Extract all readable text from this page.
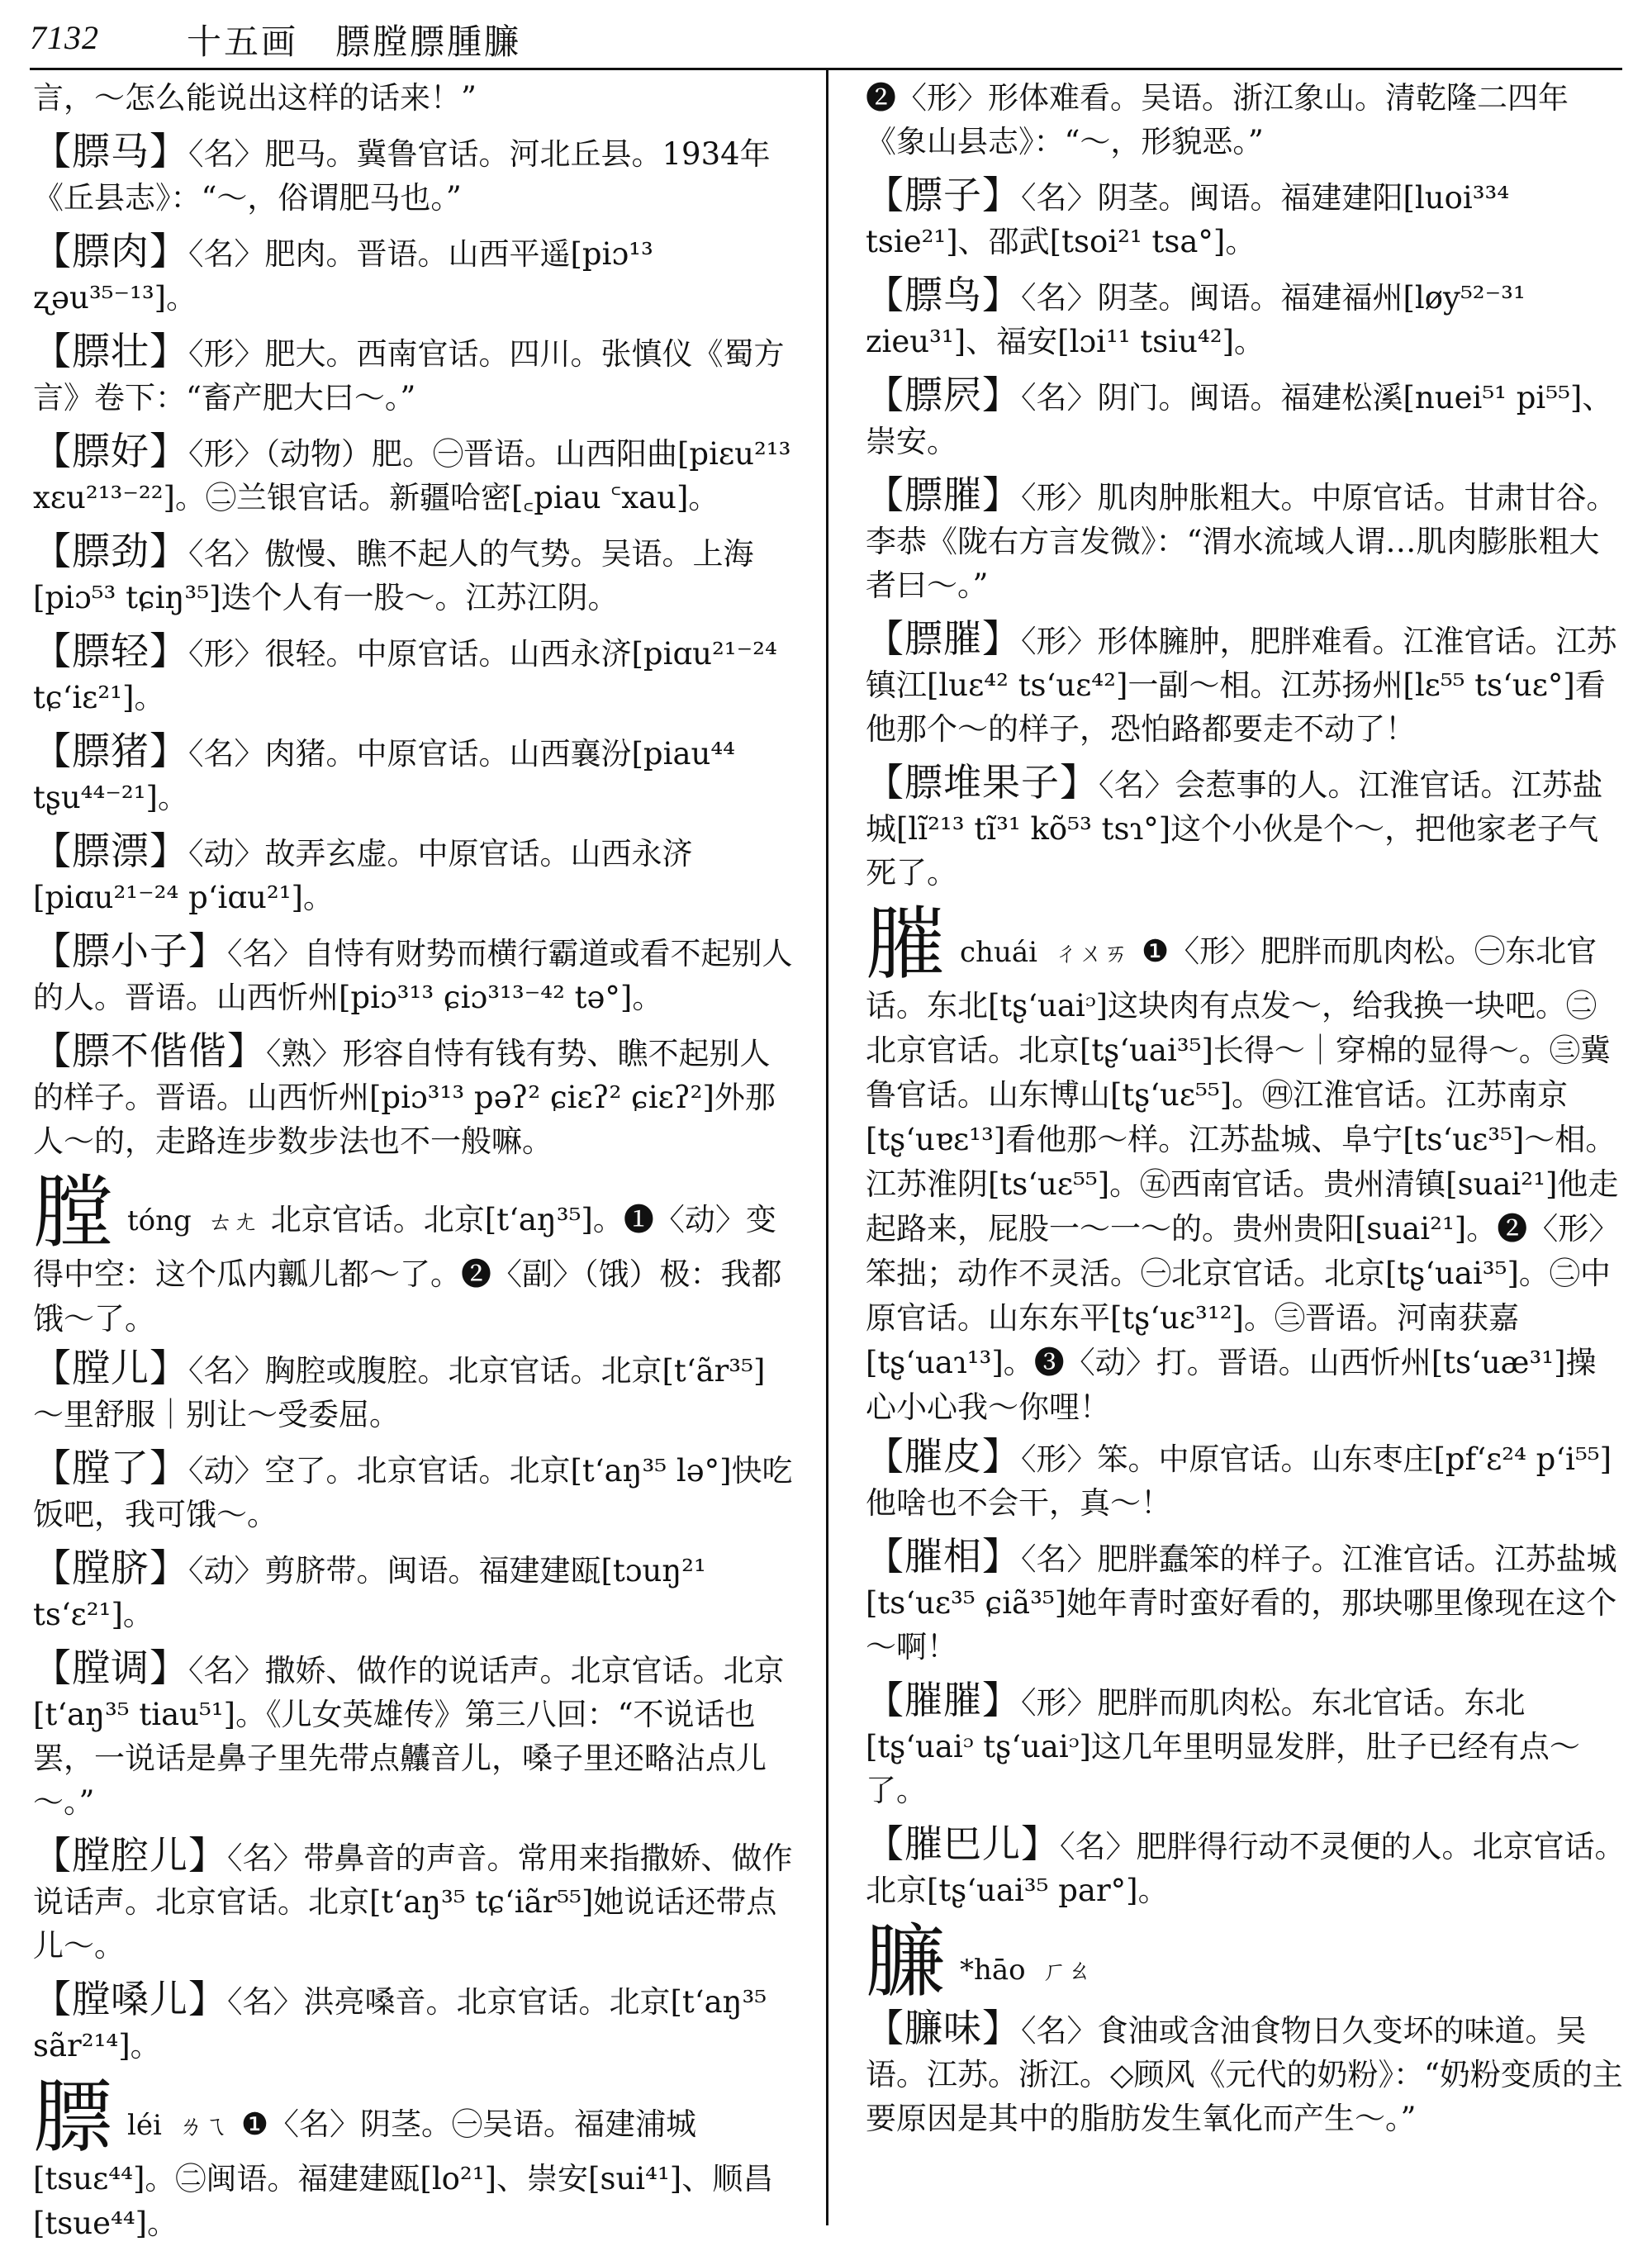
7132	十五画　膘膛膘腫臁
言，～怎么能说出这样的话来！”
【膘马】〈名〉肥马。冀鲁官话。河北丘县。1934年《丘县志》：“～，俗谓肥马也。”
【膘肉】〈名〉肥肉。晋语。山西平遥[piɔ¹³ ʐəu³⁵⁻¹³]。
【膘壮】〈形〉肥大。西南官话。四川。张慎仪《蜀方言》卷下：“畜产肥大曰～。”
【膘好】〈形〉（动物）肥。㊀晋语。山西阳曲[piɛu²¹³ xɛu²¹³⁻²²]。㊁兰银官话。新疆哈密[꜀piau ꜂xau]。
【膘劲】〈名〉傲慢、瞧不起人的气势。吴语。上海[piɔ⁵³ tɕiŋ³⁵]迭个人有一股～。江苏江阴。
【膘轻】〈形〉很轻。中原官话。山西永济[piɑu²¹⁻²⁴ tɕʻiɛ²¹]。
【膘猪】〈名〉肉猪。中原官话。山西襄汾[piau⁴⁴ tʂu⁴⁴⁻²¹]。
【膘漂】〈动〉故弄玄虚。中原官话。山西永济[piɑu²¹⁻²⁴ pʻiɑu²¹]。
【膘小子】〈名〉自恃有财势而横行霸道或看不起别人的人。晋语。山西忻州[piɔ³¹³ ɕiɔ³¹³⁻⁴² tə°]。
【膘不偕偕】〈熟〉形容自恃有钱有势、瞧不起别人的样子。晋语。山西忻州[piɔ³¹³ pəʔ² ɕiɛʔ² ɕiɛʔ²]外那人～的，走路连步数步法也不一般嘛。
膛tóng ㄊㄤ 北京官话。北京[tʻaŋ³⁵]。❶〈动〉变得中空：这个瓜内瓤儿都～了。❷〈副〉（饿）极：我都饿～了。
【膛儿】〈名〉胸腔或腹腔。北京官话。北京[tʻãr³⁵]～里舒服｜别让～受委屈。
【膛了】〈动〉空了。北京官话。北京[tʻaŋ³⁵ lə°]快吃饭吧，我可饿～。
【膛脐】〈动〉剪脐带。闽语。福建建瓯[tɔuŋ²¹ tsʻɛ²¹]。
【膛调】〈名〉撒娇、做作的说话声。北京官话。北京[tʻaŋ³⁵ tiau⁵¹]。《儿女英雄传》第三八回：“不说话也罢，一说话是鼻子里先带点齉音儿，嗓子里还略沾点儿～。”
【膛腔儿】〈名〉带鼻音的声音。常用来指撒娇、做作说话声。北京官话。北京[tʻaŋ³⁵ tɕʻiãr⁵⁵]她说话还带点儿～。
【膛嗓儿】〈名〉洪亮嗓音。北京官话。北京[tʻaŋ³⁵ sãr²¹⁴]。
膘léi ㄌㄟ ❶〈名〉阴茎。㊀吴语。福建浦城[tsuɛ⁴⁴]。㊁闽语。福建建瓯[lo²¹]、崇安[sui⁴¹]、顺昌[tsue⁴⁴]。
❷〈形〉形体难看。吴语。浙江象山。清乾隆二四年《象山县志》：“～，形貌恶。”
【膘子】〈名〉阴茎。闽语。福建建阳[luoi³³⁴ tsie²¹]、邵武[tsoi²¹ tsa°]。
【膘鸟】〈名〉阴茎。闽语。福建福州[løy⁵²⁻³¹ zieu³¹]、福安[lɔi¹¹ tsiu⁴²]。
【膘屄】〈名〉阴门。闽语。福建松溪[nuei⁵¹ pi⁵⁵]、崇安。
【膘膗】〈形〉肌肉肿胀粗大。中原官话。甘肃甘谷。李恭《陇右方言发微》：“渭水流域人谓…肌肉膨胀粗大者曰～。”
【膘膗】〈形〉形体臃肿，肥胖难看。江淮官话。江苏镇江[luɛ⁴² tsʻuɛ⁴²]一副～相。江苏扬州[lɛ⁵⁵ tsʻuɛ°]看他那个～的样子，恐怕路都要走不动了！
【膘堆果子】〈名〉会惹事的人。江淮官话。江苏盐城[lĩ²¹³ tĩ³¹ kõ⁵³ tsɿ°]这个小伙是个～，把他家老子气死了。
膗chuái ㄔㄨㄞ ❶〈形〉肥胖而肌肉松。㊀东北官话。东北[tʂʻuaiᵓ]这块肉有点发～，给我换一块吧。㊁北京官话。北京[tʂʻuai³⁵]长得～｜穿棉的显得～。㊂冀鲁官话。山东博山[tʂʻuɛ⁵⁵]。㊃江淮官话。江苏南京[tʂʻuɐɛ¹³]看他那～样。江苏盐城、阜宁[tsʻuɛ³⁵]～相。江苏淮阴[tsʻuɛ⁵⁵]。㊄西南官话。贵州清镇[suai²¹]他走起路来，屁股一～一～的。贵州贵阳[suai²¹]。❷〈形〉笨拙；动作不灵活。㊀北京官话。北京[tʂʻuai³⁵]。㊁中原官话。山东东平[tʂʻuɛ³¹²]。㊂晋语。河南获嘉[tʂʻuaɿ¹³]。❸〈动〉打。晋语。山西忻州[tsʻuæ³¹]操心小心我～你哩！
【膗皮】〈形〉笨。中原官话。山东枣庄[pfʻɛ²⁴ pʻi⁵⁵]他啥也不会干，真～！
【膗相】〈名〉肥胖蠢笨的样子。江淮官话。江苏盐城[tsʻuɛ³⁵ ɕiã³⁵]她年青时蛮好看的，那块哪里像现在这个～啊！
【膗膗】〈形〉肥胖而肌肉松。东北官话。东北[tʂʻuaiᵓ tʂʻuaiᵓ]这几年里明显发胖，肚子已经有点～了。
【膗巴儿】〈名〉肥胖得行动不灵便的人。北京官话。北京[tʂʻuai³⁵ par°]。
臁 *hāo ㄏㄠ
【臁味】〈名〉食油或含油食物日久变坏的味道。吴语。江苏。浙江。◇顾风《元代的奶粉》：“奶粉变质的主要原因是其中的脂肪发生氧化而产生～。”
